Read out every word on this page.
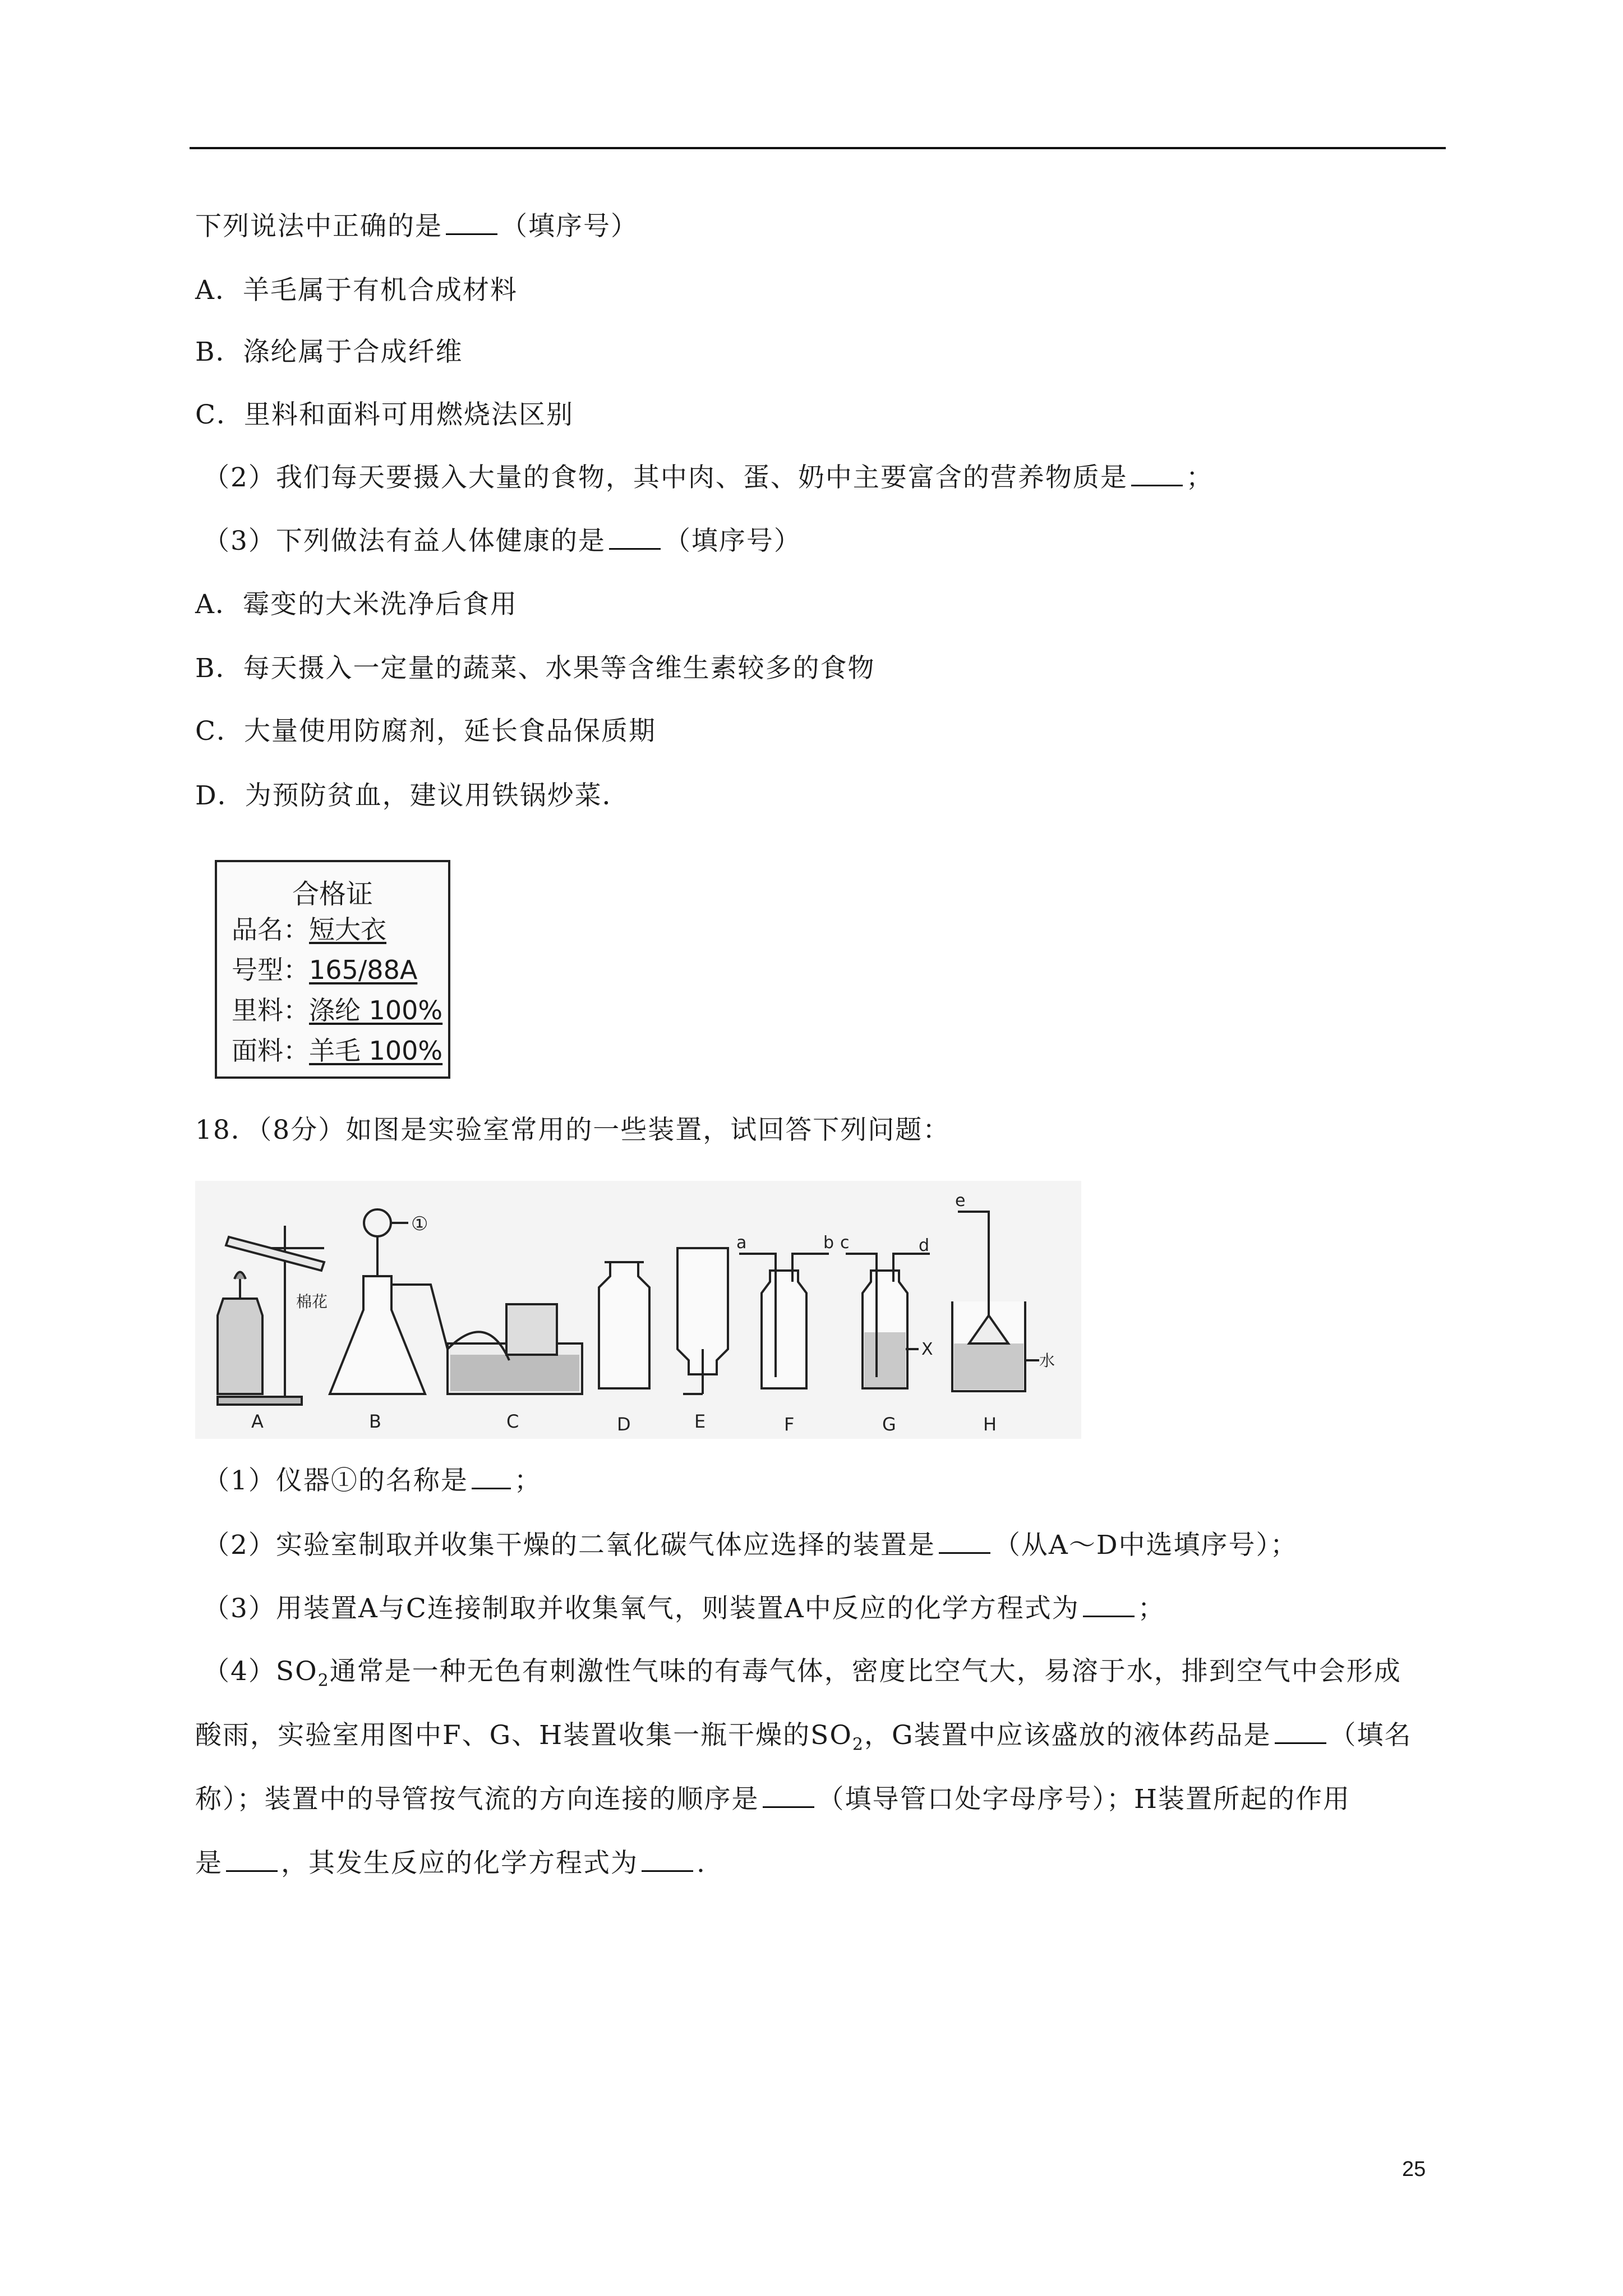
下列说法中正确的是 （填序号）
A．羊毛属于有机合成材料
B．涤纶属于合成纤维
C．里料和面料可用燃烧法区别
（2）我们每天要摄入大量的食物，其中肉、蛋、奶中主要富含的营养物质是 ；
（3）下列做法有益人体健康的是 （填序号）
A．霉变的大米洗净后食用
B．每天摄入一定量的蔬菜、水果等含维生素较多的食物
C．大量使用防腐剂，延长食品保质期
D．为预防贫血，建议用铁锅炒菜．
合格证
品名：短大衣
号型：165/88A
里料：涤纶 100%
面料：羊毛 100%
18．（8分）如图是实验室常用的一些装置，试回答下列问题：
棉花
①
a	b c	d
X
e
水
A	B	C	D	E	F	G	H
（1）仪器①的名称是 ；
（2）实验室制取并收集干燥的二氧化碳气体应选择的装置是 （从A～D中选填序号）；
（3）用装置A与C连接制取并收集氧气，则装置A中反应的化学方程式为 ；
$(4)SO_2$通常是一种无色有刺激性气味的有毒气体，密度比空气大，易溶于水，排到空气中会形成
酸雨，实验室用图中F、G、H装置收集一瓶干燥的$SO_2$，G装置中应该盛放的液体药品是 （填名
称）；装置中的导管按气流的方向连接的顺序是 （填导管口处字母序号）；H装置所起的作用
是 ，其发生反应的化学方程式为 .
25
